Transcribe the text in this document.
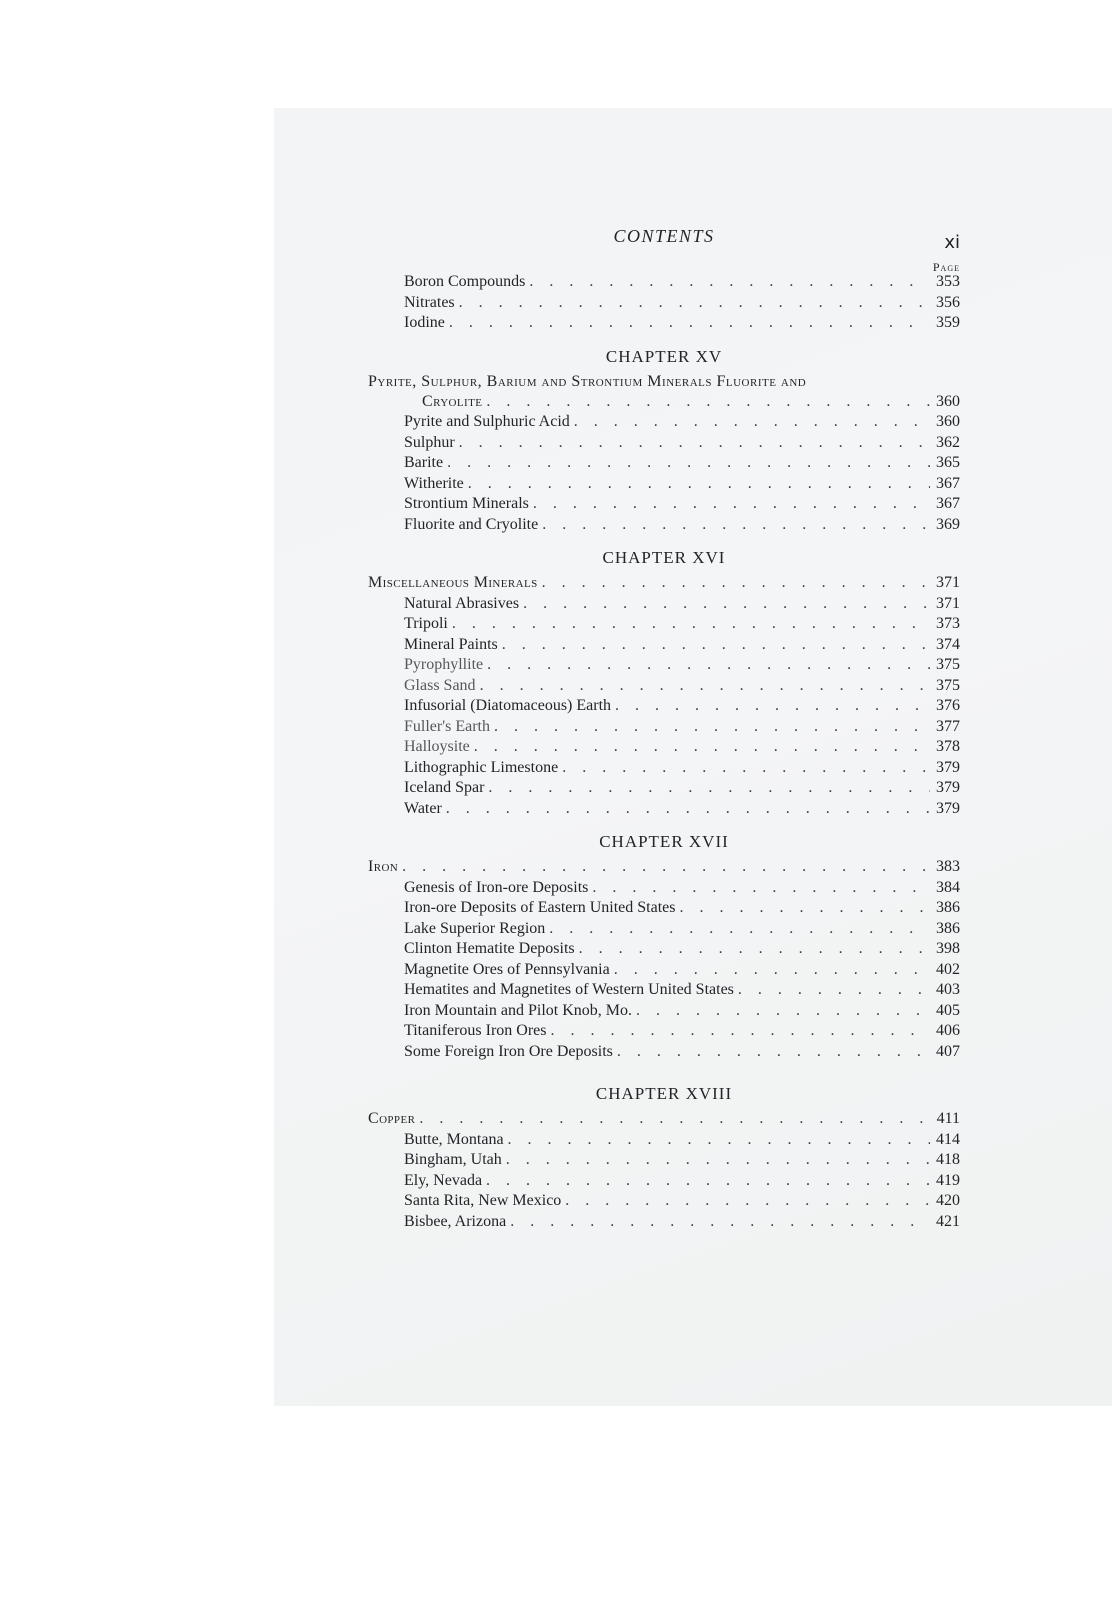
CONTENTS	xi
Page
Boron Compounds . . .	353
Nitrates . . .	356
Iodine . . .	359
CHAPTER XV
Pyrite, Sulphur, Barium and Strontium Minerals Fluorite and
Cryolite . . .	360
Pyrite and Sulphuric Acid . . .	360
Sulphur . . .	362
Barite . . .	365
Witherite . . .	367
Strontium Minerals . . .	367
Fluorite and Cryolite . . .	369
CHAPTER XVI
Miscellaneous Minerals . . .	371
Natural Abrasives . . .	371
Tripoli . . .	373
Mineral Paints . . .	374
Pyrophyllite . . .	375
Glass Sand . . .	375
Infusorial (Diatomaceous) Earth . . .	376
Fuller's Earth . . .	377
Halloysite . . .	378
Lithographic Limestone . . .	379
Iceland Spar . . .	379
Water . . .	379
CHAPTER XVII
Iron . . .	383
Genesis of Iron-ore Deposits . . .	384
Iron-ore Deposits of Eastern United States . . .	386
Lake Superior Region . . .	386
Clinton Hematite Deposits . . .	398
Magnetite Ores of Pennsylvania . . .	402
Hematites and Magnetites of Western United States . . .	403
Iron Mountain and Pilot Knob, Mo. . . .	405
Titaniferous Iron Ores . . .	406
Some Foreign Iron Ore Deposits . . .	407
CHAPTER XVIII
Copper . . .	411
Butte, Montana . . .	414
Bingham, Utah . . .	418
Ely, Nevada . . .	419
Santa Rita, New Mexico . . .	420
Bisbee, Arizona . . .	421
